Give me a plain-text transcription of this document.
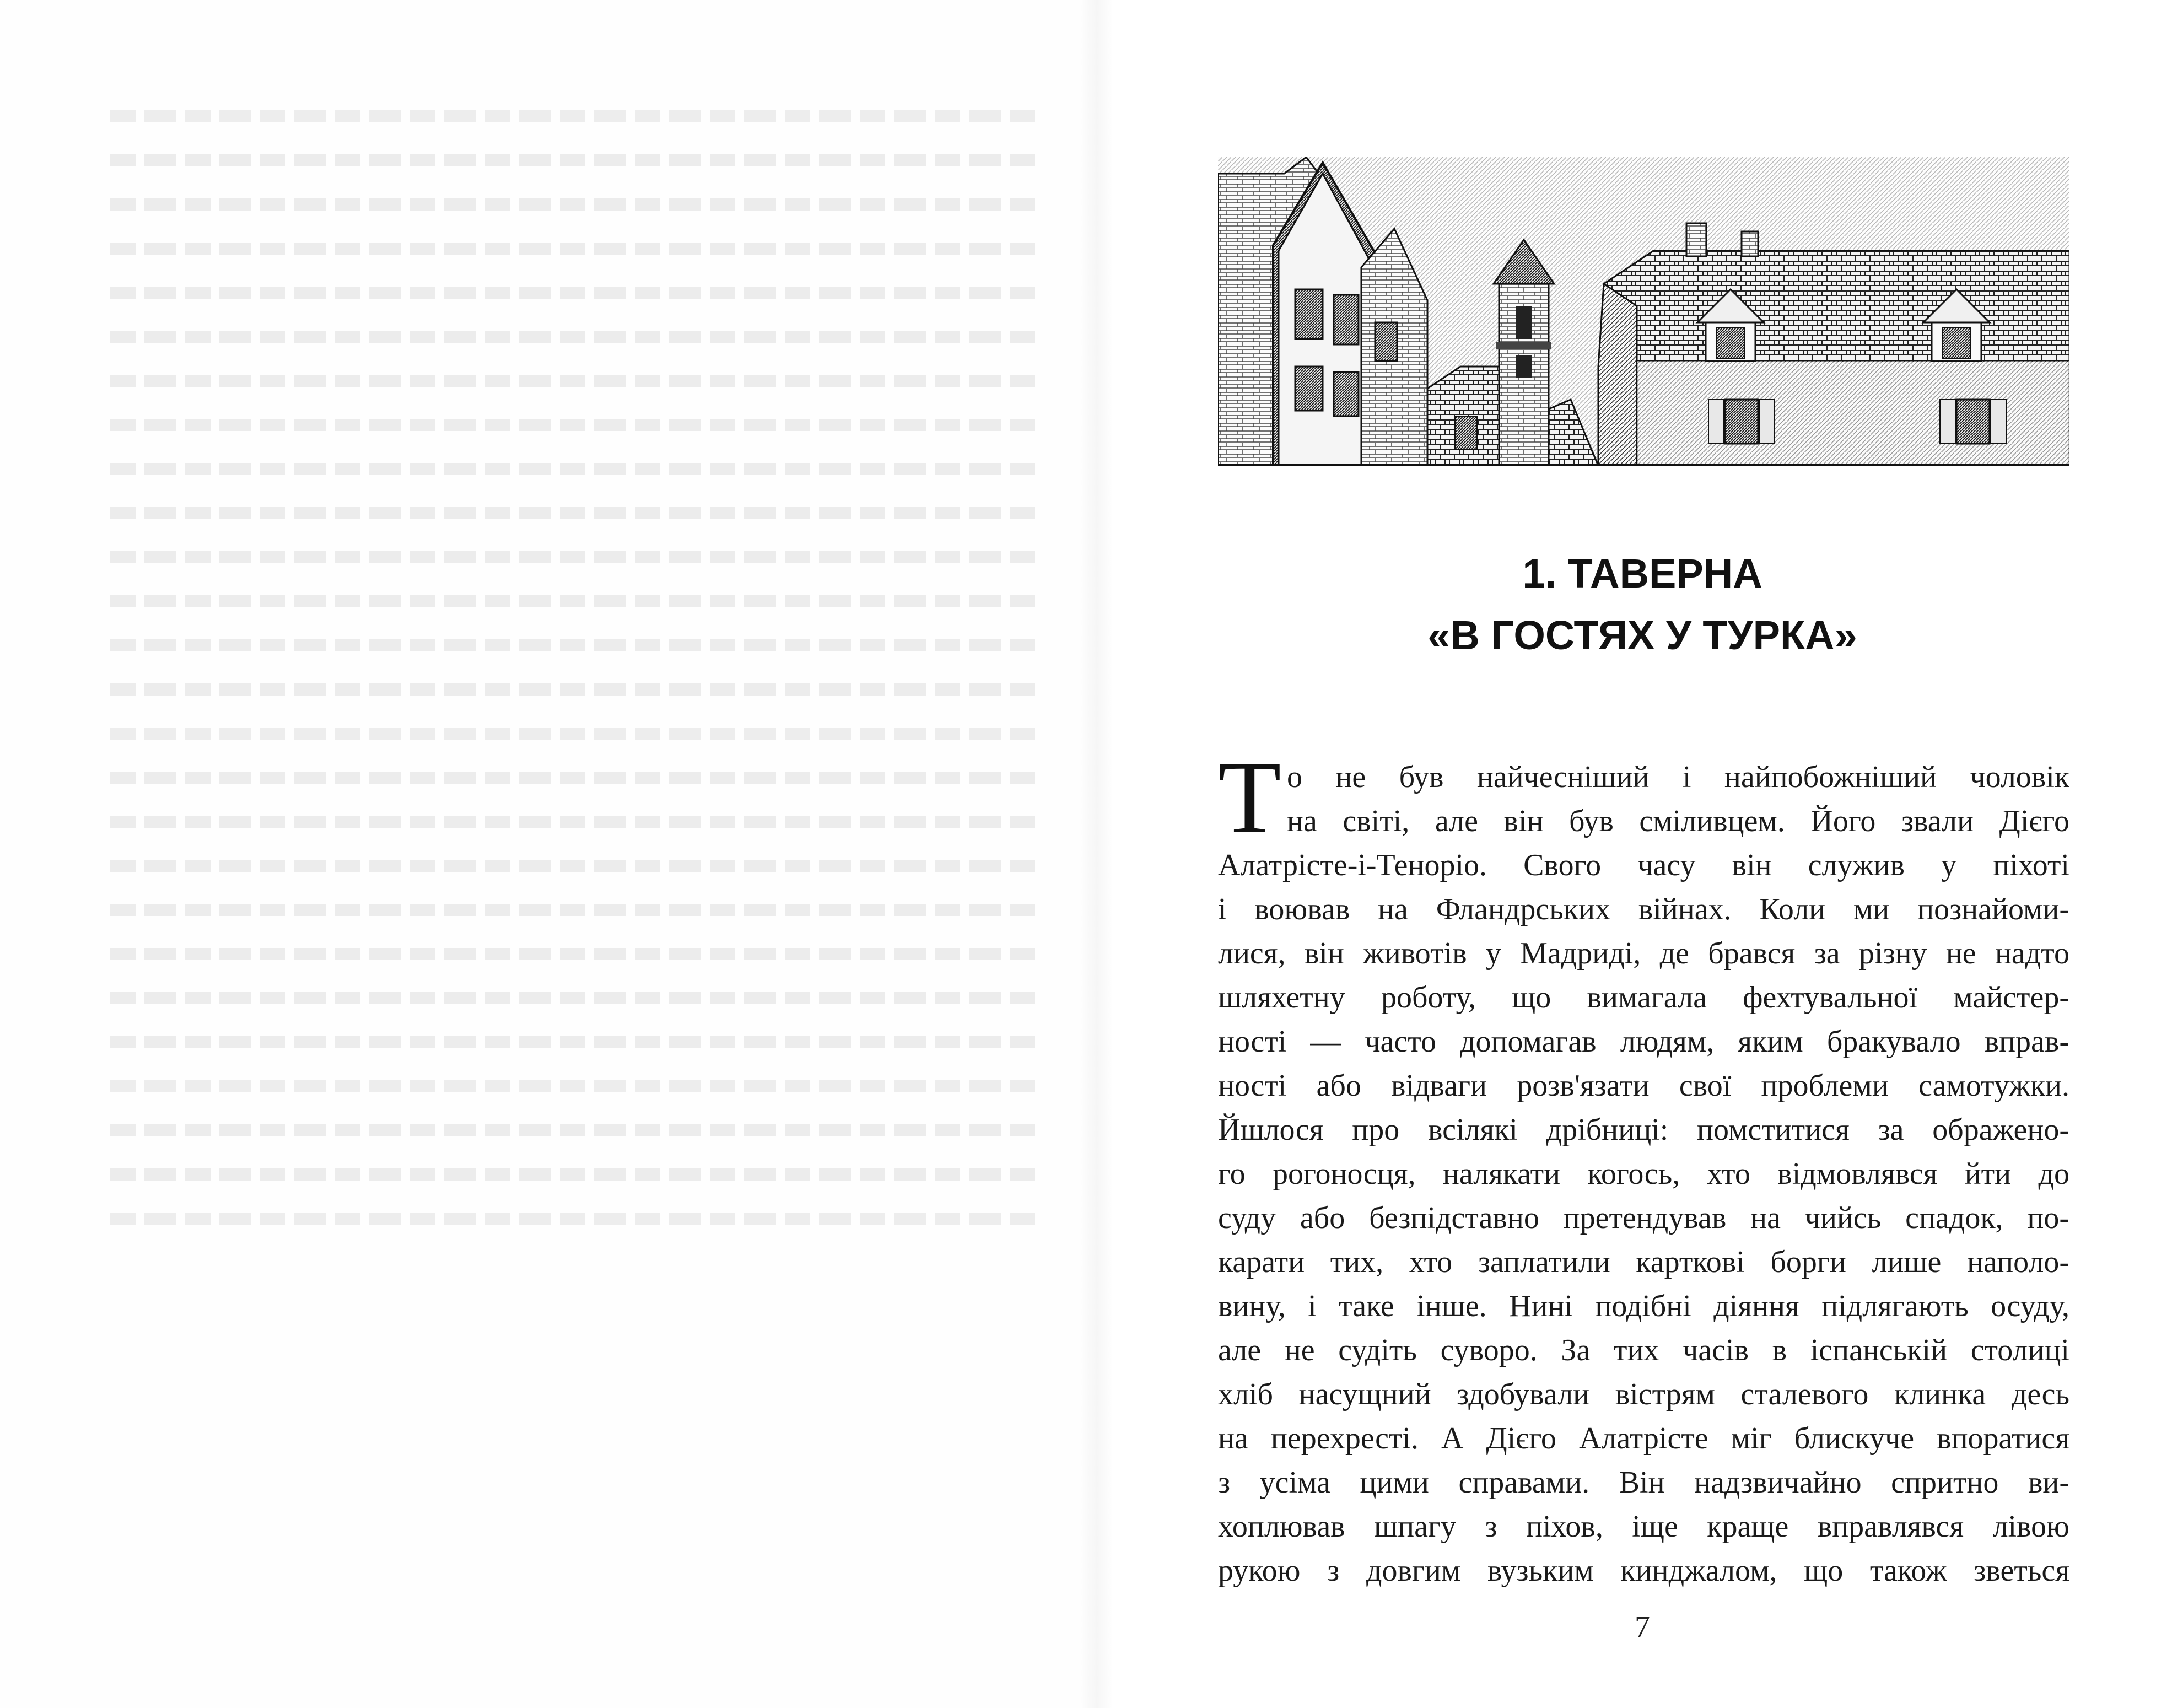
1. ТАВЕРНА
«В ГОСТЯХ У ТУРКА»
Т о не був найчесніший і найпобожніший чоловік
на світі, але він був сміливцем. Його звали Дієго
Алатрісте-і-Теноріо. Свого часу він служив у піхоті
і воював на Фландрських війнах. Коли ми познайоми-
лися, він животів у Мадриді, де брався за різну не надто
шляхетну роботу, що вимагала фехтувальної майстер-
ності — часто допомагав людям, яким бракувало вправ-
ності або відваги розв'язати свої проблеми самотужки.
Йшлося про всілякі дрібниці: помститися за ображено-
го рогоносця, налякати когось, хто відмовлявся йти до
суду або безпідставно претендував на чийсь спадок, по-
карати тих, хто заплатили карткові борги лише наполо-
вину, і таке інше. Нині подібні діяння підлягають осуду,
але не судіть суворо. За тих часів в іспанській столиці
хліб насущний здобували вістрям сталевого клинка десь
на перехресті. А Дієго Алатрісте міг блискуче впоратися
з усіма цими справами. Він надзвичайно спритно ви-
хоплював шпагу з піхов, іще краще вправлявся лівою
рукою з довгим вузьким кинджалом, що також зветься
7
